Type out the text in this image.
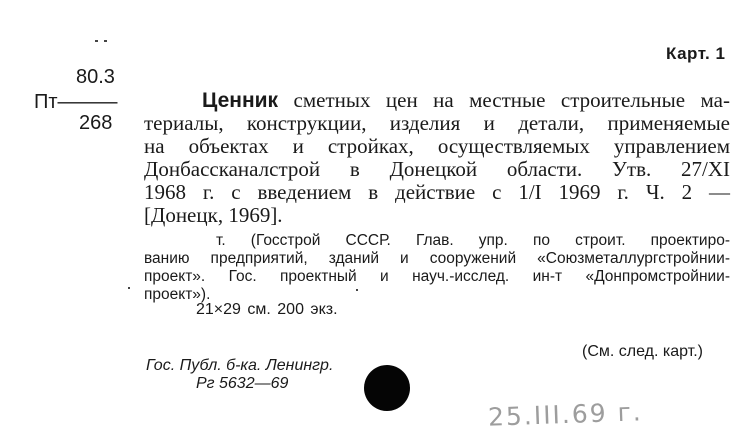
Карт. 1
80.3
Пт———
268
Ценник сметных цен на местные строительные ма-
териалы, конструкции, изделия и детали, применяемые
на объектах и стройках, осуществляемых управлением
Донбассканалстрой в Донецкой области. Утв. 27/XI
1968 г. с введением в действие с 1/I 1969 г. Ч. 2 —
[Донецк, 1969].
т. (Госстрой СССР. Глав. упр. по строит. проектиро-
ванию предприятий, зданий и сооружений «Союзметаллургстройнии-
проект». Гос. проектный и науч.-исслед. ин-т «Донпромстройнии-
проект»).
21×29 см. 200 экз.
(См. след. карт.)
Гос. Публ. б-ка. Ленингр.
Рг 5632—69
25.III.69 г.
